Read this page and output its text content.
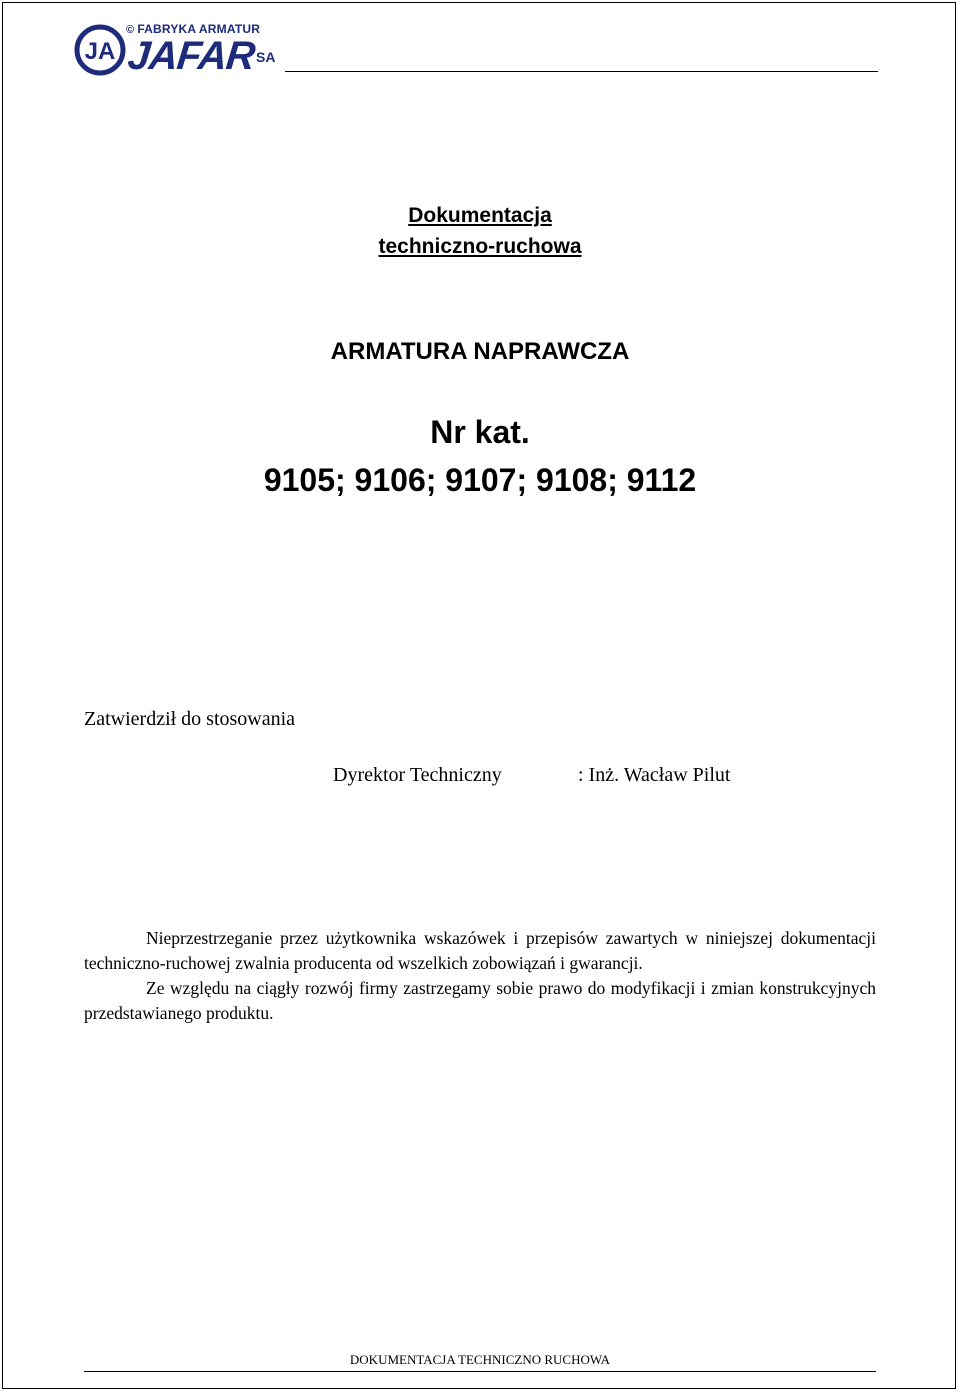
JA
© FABRYKA ARMATUR
JAFAR SA
Dokumentacja
techniczno-ruchowa
ARMATURA NAPRAWCZA
Nr kat.
9105; 9106; 9107; 9108; 9112
Zatwierdził do stosowania
Dyrektor Techniczny	: Inż. Wacław Pilut

Nieprzestrzeganie przez użytkownika wskazówek i przepisów zawartych w niniejszej dokumentacji techniczno-ruchowej zwalnia producenta od wszelkich zobowiązań i gwarancji.

Ze względu na ciągły rozwój firmy zastrzegamy sobie prawo do modyfikacji i zmian konstrukcyjnych przedstawianego produktu.

DOKUMENTACJA TECHNICZNO RUCHOWA
